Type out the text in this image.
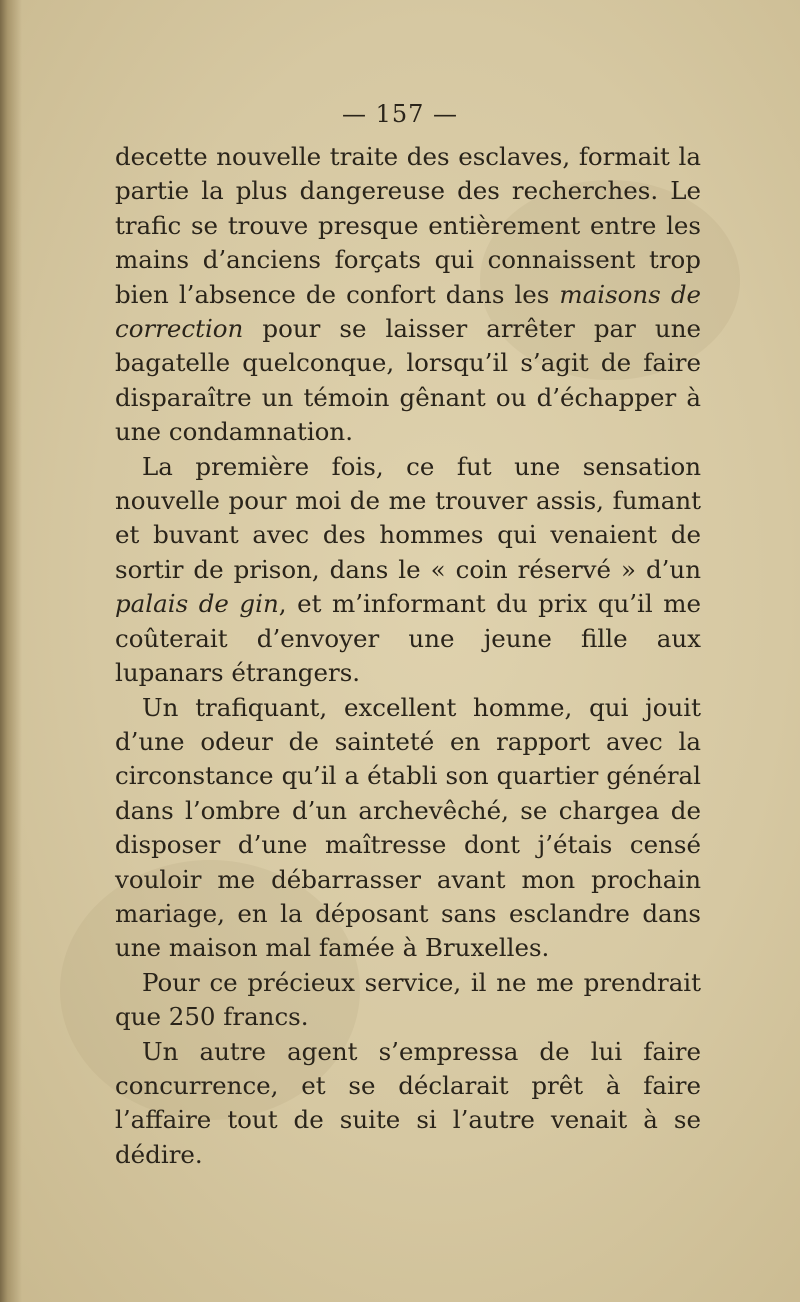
— 157 —

decette nouvelle traite des esclaves, formait la partie la plus dangereuse des recherches. Le trafic se trouve presque entièrement entre les mains d’anciens forçats qui connaissent trop bien l’absence de confort dans les maisons de correction pour se laisser arrêter par une bagatelle quelconque, lorsqu’il s’agit de faire disparaître un témoin gênant ou d’échapper à une condamnation.

La première fois, ce fut une sensation nouvelle pour moi de me trouver assis, fumant et buvant avec des hommes qui venaient de sortir de prison, dans le « coin réservé » d’un palais de gin, et m’informant du prix qu’il me coûterait d’envoyer une jeune fille aux lupanars étrangers.

Un trafiquant, excellent homme, qui jouit d’une odeur de sainteté en rapport avec la circonstance qu’il a établi son quartier général dans l’ombre d’un archevêché, se chargea de disposer d’une maîtresse dont j’étais censé vouloir me débarrasser avant mon prochain mariage, en la déposant sans esclandre dans une maison mal famée à Bruxelles.

Pour ce précieux service, il ne me prendrait que 250 francs.

Un autre agent s’empressa de lui faire concurrence, et se déclarait prêt à faire l’affaire tout de suite si l’autre venait à se dédire.
